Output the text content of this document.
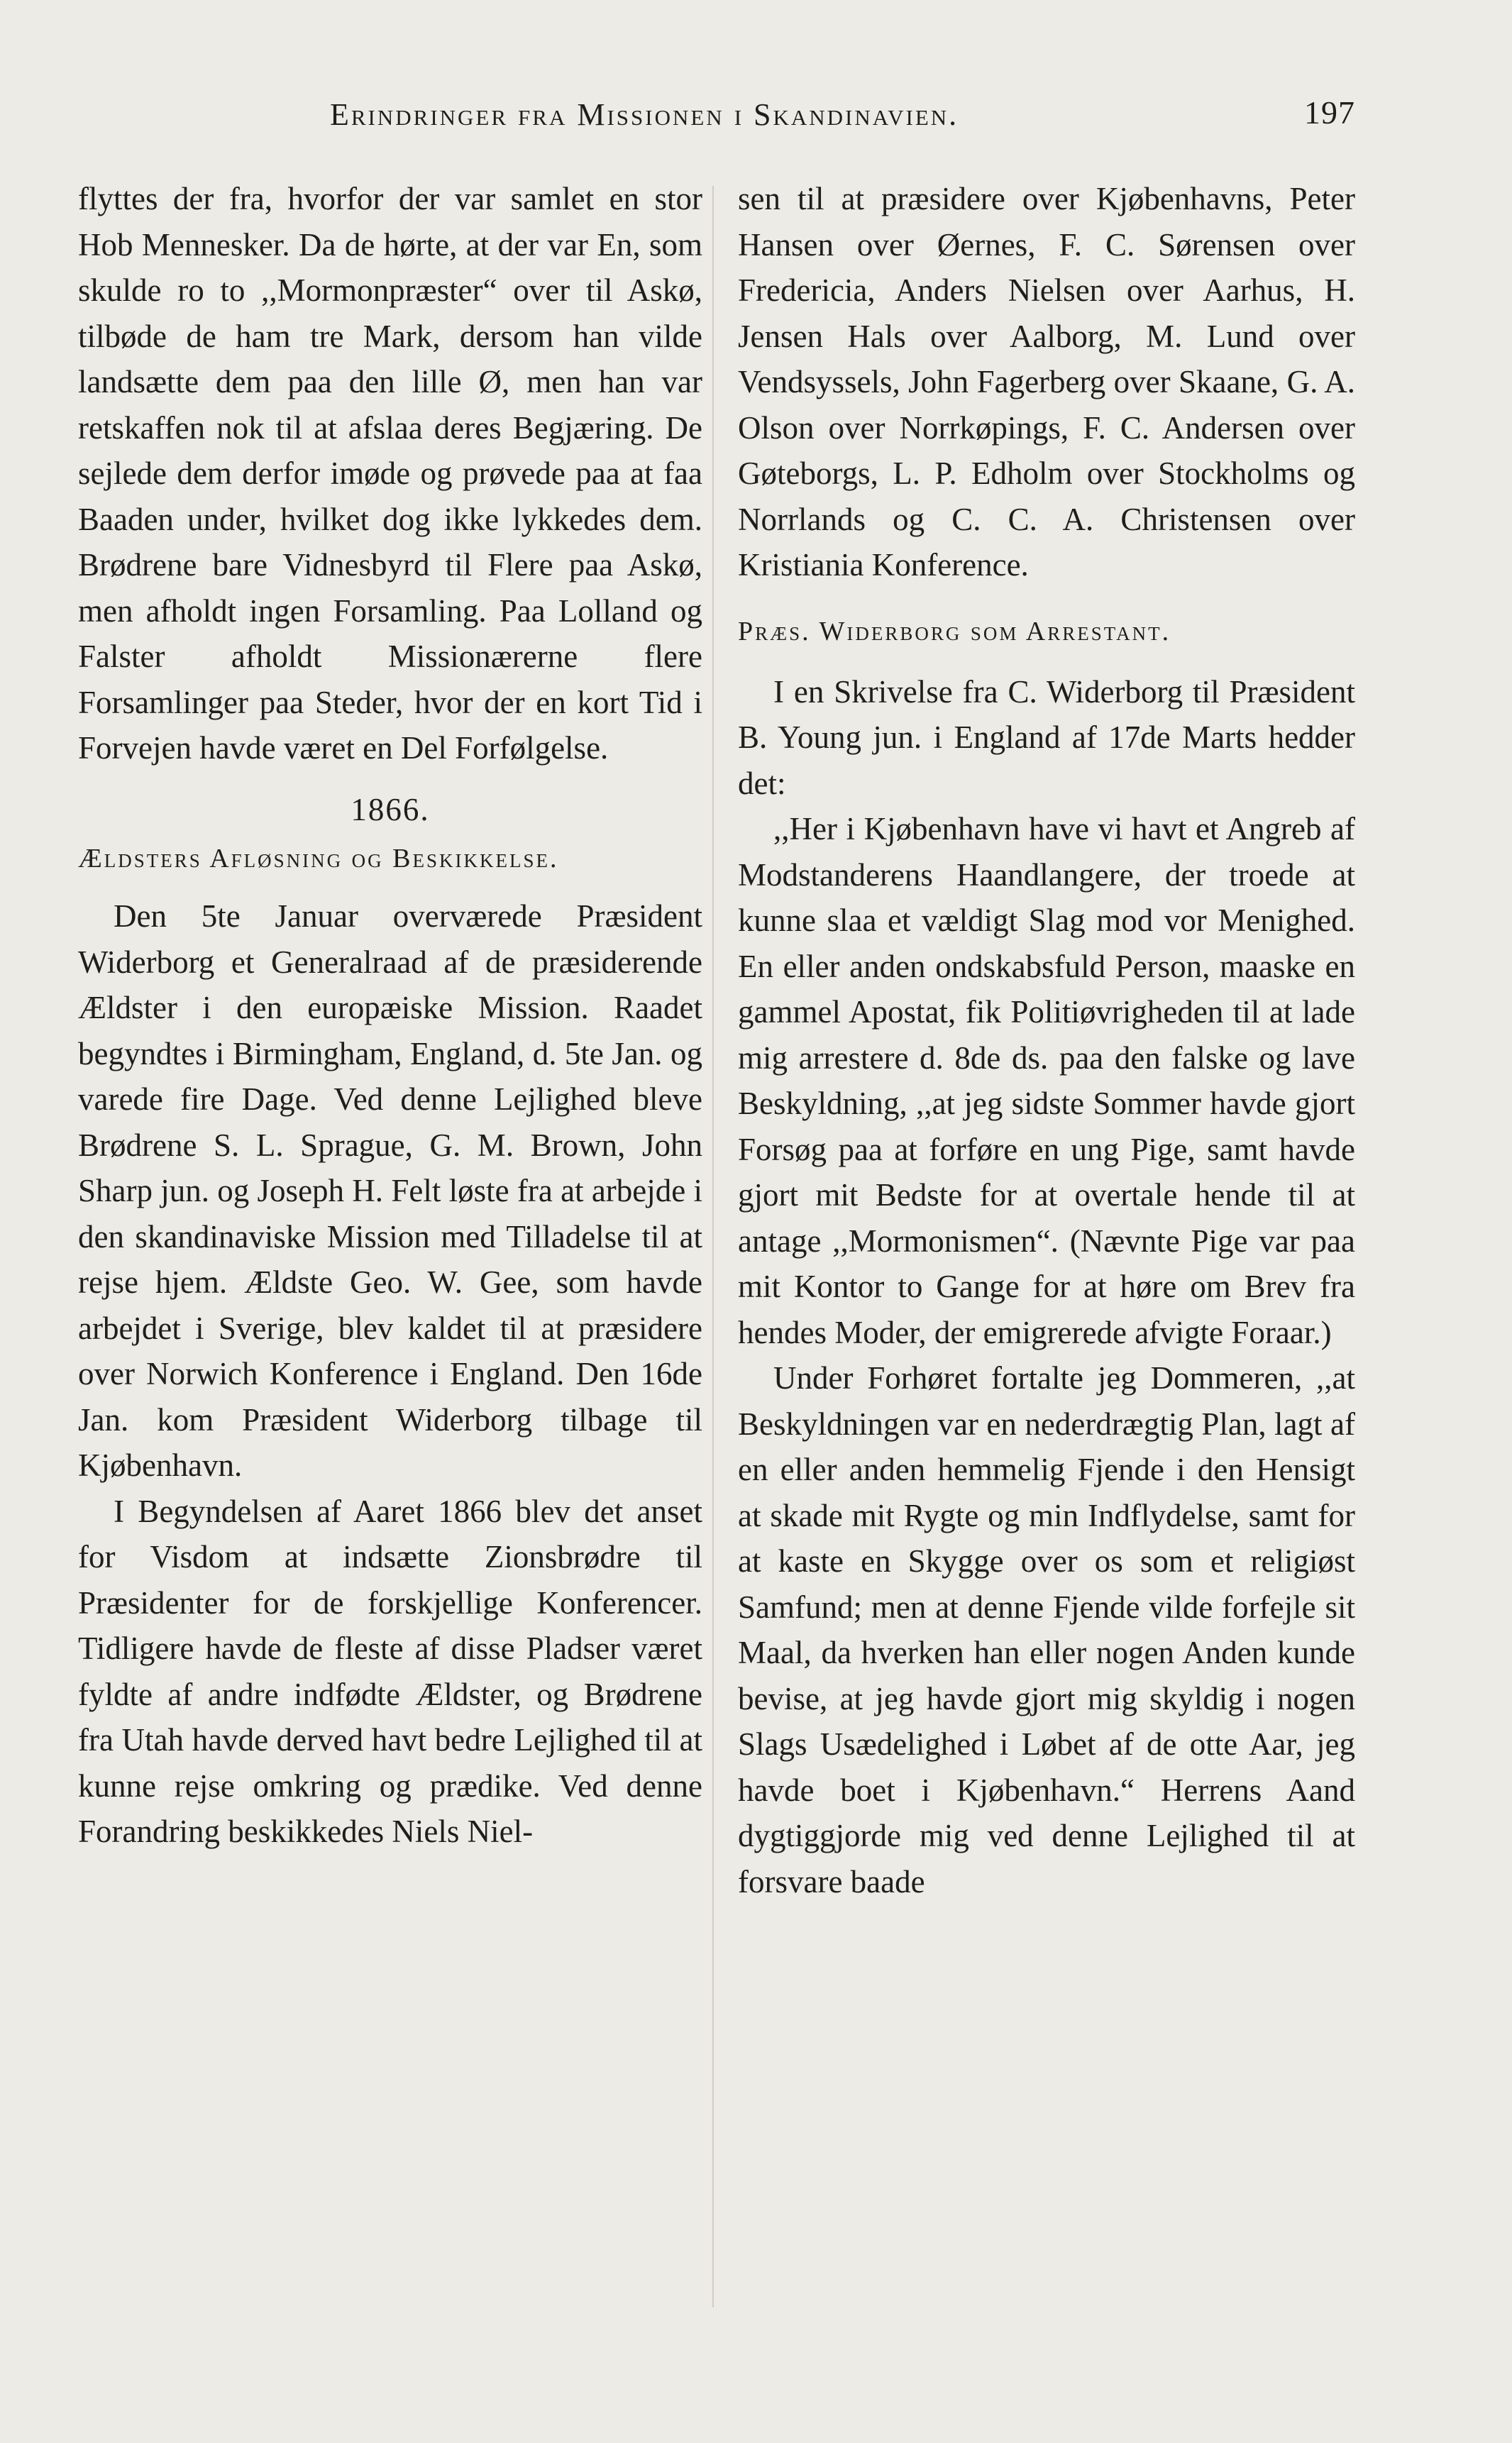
Erindringer fra Missionen i Skandinavien.	197

flyttes der fra, hvorfor der var samlet en stor Hob Mennesker. Da de hørte, at der var En, som skulde ro to ,,Mormonpræster“ over til Askø, tilbøde de ham tre Mark, dersom han vilde landsætte dem paa den lille Ø, men han var retskaffen nok til at afslaa deres Begjæring. De sejlede dem derfor imøde og prøvede paa at faa Baaden under, hvilket dog ikke lykkedes dem. Brødrene bare Vidnesbyrd til Flere paa Askø, men afholdt ingen Forsamling. Paa Lolland og Falster afholdt Missionærerne flere Forsamlinger paa Steder, hvor der en kort Tid i Forvejen havde været en Del Forfølgelse.

1866.
Ældsters Afløsning og Beskikkelse.

Den 5te Januar overværede Præsident Widerborg et Generalraad af de præsiderende Ældster i den europæiske Mission. Raadet begyndtes i Birmingham, England, d. 5te Jan. og varede fire Dage. Ved denne Lejlighed bleve Brødrene S. L. Sprague, G. M. Brown, John Sharp jun. og Joseph H. Felt løste fra at arbejde i den skandinaviske Mission med Tilladelse til at rejse hjem. Ældste Geo. W. Gee, som havde arbejdet i Sverige, blev kaldet til at præsidere over Norwich Konference i England. Den 16de Jan. kom Præsident Widerborg tilbage til Kjøbenhavn.

I Begyndelsen af Aaret 1866 blev det anset for Visdom at indsætte Zionsbrødre til Præsidenter for de forskjellige Konferencer. Tidligere havde de fleste af disse Pladser været fyldte af andre indfødte Ældster, og Brødrene fra Utah havde derved havt bedre Lejlighed til at kunne rejse omkring og prædike. Ved denne Forandring beskikkedes Niels Niel-

sen til at præsidere over Kjøbenhavns, Peter Hansen over Øernes, F. C. Sørensen over Fredericia, Anders Nielsen over Aarhus, H. Jensen Hals over Aalborg, M. Lund over Vendsyssels, John Fagerberg over Skaane, G. A. Olson over Norrkøpings, F. C. Andersen over Gøteborgs, L. P. Edholm over Stockholms og Norrlands og C. C. A. Christensen over Kristiania Konference.

Præs. Widerborg som Arrestant.

I en Skrivelse fra C. Widerborg til Præsident B. Young jun. i England af 17de Marts hedder det:

,,Her i Kjøbenhavn have vi havt et Angreb af Modstanderens Haandlangere, der troede at kunne slaa et vældigt Slag mod vor Menighed. En eller anden ondskabsfuld Person, maaske en gammel Apostat, fik Politiøvrigheden til at lade mig arrestere d. 8de ds. paa den falske og lave Beskyldning, ,,at jeg sidste Sommer havde gjort Forsøg paa at forføre en ung Pige, samt havde gjort mit Bedste for at overtale hende til at antage ,,Mormonismen“. (Nævnte Pige var paa mit Kontor to Gange for at høre om Brev fra hendes Moder, der emigrerede afvigte Foraar.)

Under Forhøret fortalte jeg Dommeren, ,,at Beskyldningen var en nederdrægtig Plan, lagt af en eller anden hemmelig Fjende i den Hensigt at skade mit Rygte og min Indflydelse, samt for at kaste en Skygge over os som et religiøst Samfund; men at denne Fjende vilde forfejle sit Maal, da hverken han eller nogen Anden kunde bevise, at jeg havde gjort mig skyldig i nogen Slags Usædelighed i Løbet af de otte Aar, jeg havde boet i Kjøbenhavn.“ Herrens Aand dygtiggjorde mig ved denne Lejlighed til at forsvare baade
